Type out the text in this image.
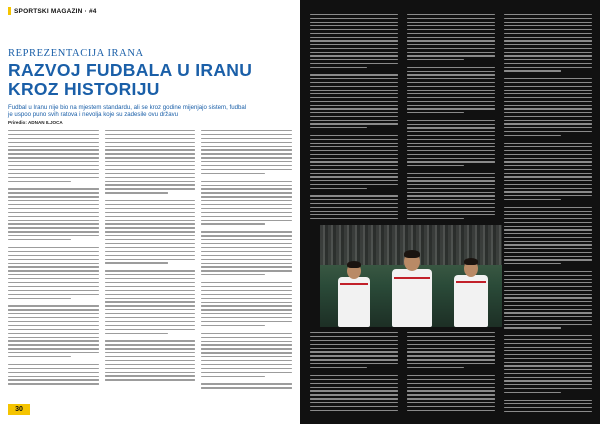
SPORTSKI MAGAZIN · #4
REPREZENTACIJA IRANA
RAZVOJ FUDBALA U IRANU
KROZ HISTORIJU
Fudbal u Iranu nije bio na mjestem standardu, ali se kroz godine mijenjajo sistem, fudbal je uspoo puno svih ratova i nevolja koje su zadesile ovu državu
Priredio: ADNAN ILJOCA
30
